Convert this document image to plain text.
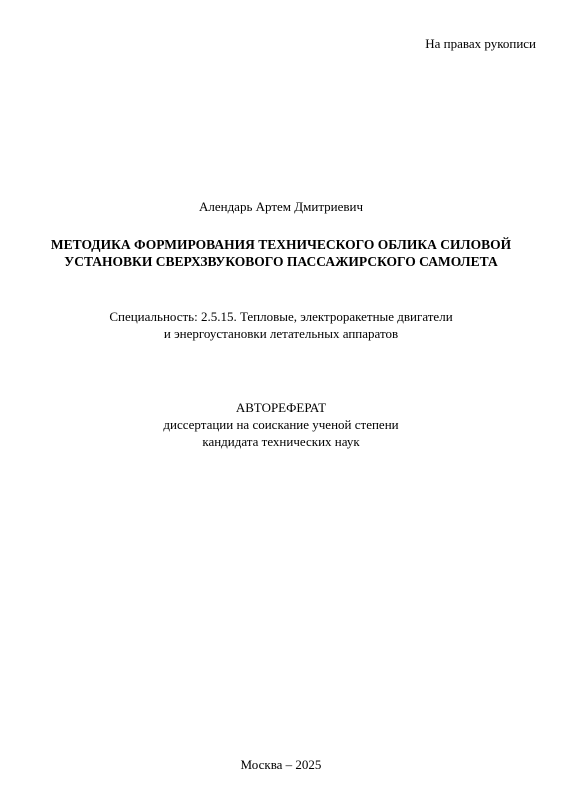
На правах рукописи
Алендарь Артем Дмитриевич
МЕТОДИКА ФОРМИРОВАНИЯ ТЕХНИЧЕСКОГО ОБЛИКА СИЛОВОЙ
УСТАНОВКИ СВЕРХЗВУКОВОГО ПАССАЖИРСКОГО САМОЛЕТА
Специальность: 2.5.15. Тепловые, электроракетные двигатели
и энергоустановки летательных аппаратов
АВТОРЕФЕРАТ
диссертации на соискание ученой степени
кандидата технических наук
Москва – 2025
